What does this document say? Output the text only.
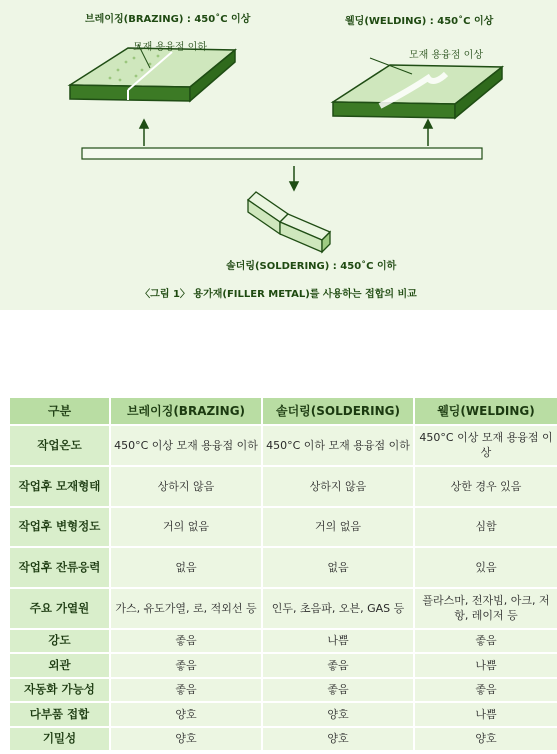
브레이징(BRAZING) : 450˚C 이상
모재 용융점 이하
웰딩(WELDING) : 450˚C 이상
모재 용융점 이상
솔더링(SOLDERING) : 450˚C 이하
〈그림 1〉 용가재(FILLER METAL)를 사용하는 접합의 비교
구분	브레이징(BRAZING)	솔더링(SOLDERING)	웰딩(WELDING)
작업온도	450°C 이상 모재 용융점 이하	450°C 이하 모재 용융점 이하	450°C 이상 모재 용융점 이상
작업후 모재형태	상하지 않음	상하지 않음	상한 경우 있음
작업후 변형정도	거의 없음	거의 없음	심함
작업후 잔류응력	없음	없음	있음
주요 가열원	가스, 유도가열, 로, 적외선 등	인두, 초음파, 오븐, GAS 등	플라스마, 전자빔, 아크, 저항, 레이저 등
강도	좋음	나쁨	좋음
외관	좋음	좋음	나쁨
자동화 가능성	좋음	좋음	좋음
다부품 접합	양호	양호	나쁨
기밀성	양호	양호	양호
